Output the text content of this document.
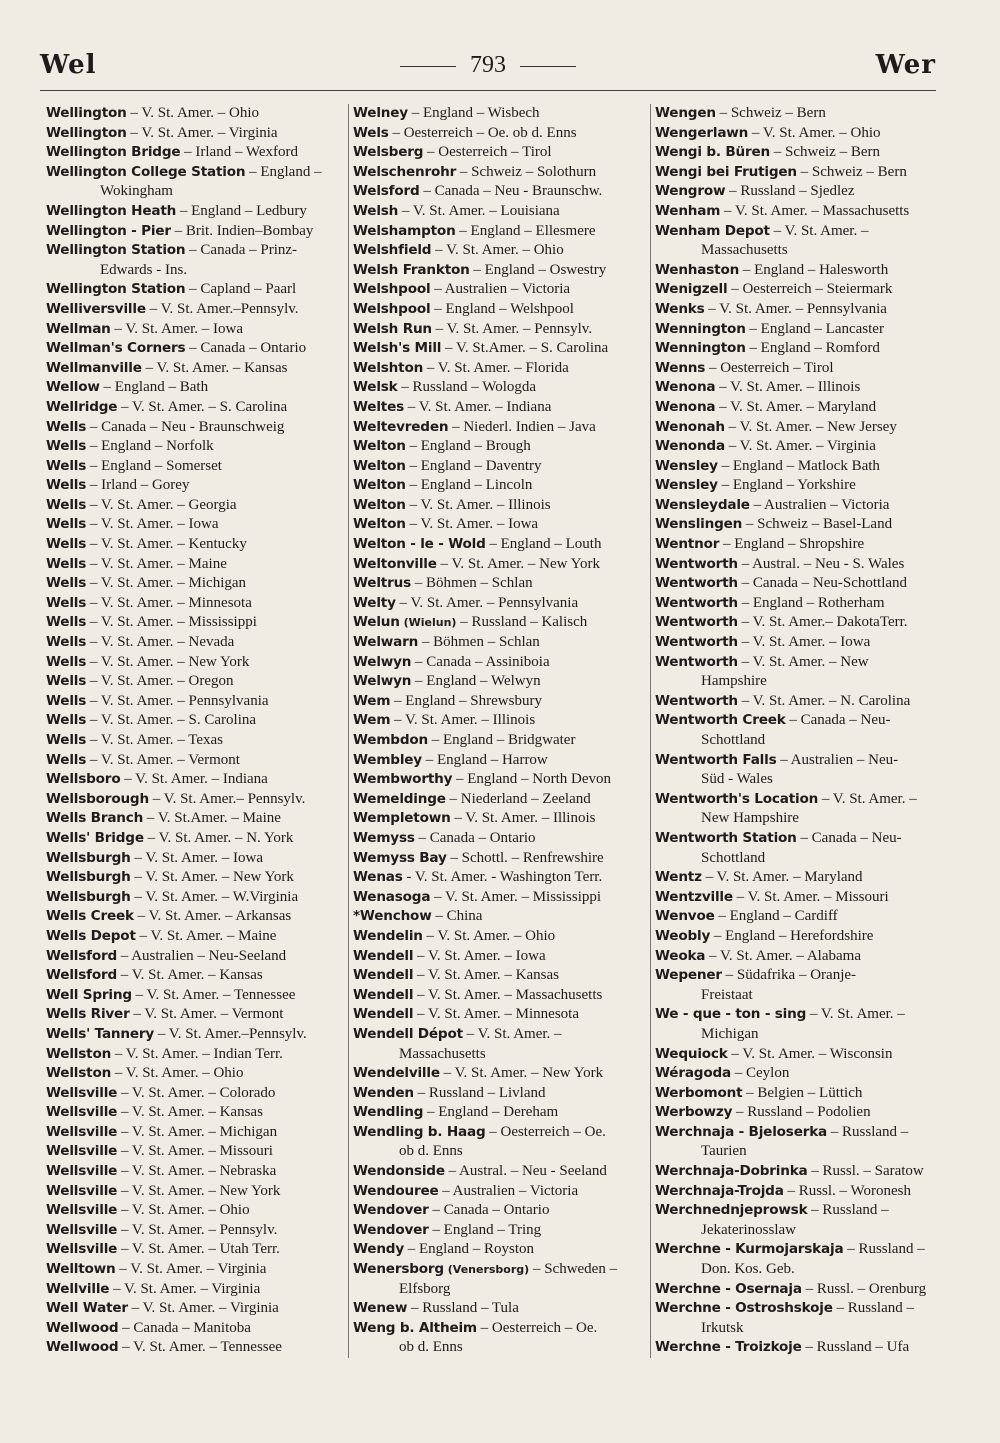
Wel	793	Wer
Wellington – V. St. Amer. – Ohio
Wellington – V. St. Amer. – Virginia
Wellington Bridge – Irland – Wexford
Wellington College Station – England –
Wokingham
Wellington Heath – England – Ledbury
Wellington - Pier – Brit. Indien–Bombay
Wellington Station – Canada – Prinz-
Edwards - Ins.
Wellington Station – Capland – Paarl
Welliversville – V. St. Amer.–Pennsylv.
Wellman – V. St. Amer. – Iowa
Wellman's Corners – Canada – Ontario
Wellmanville – V. St. Amer. – Kansas
Wellow – England – Bath
Wellridge – V. St. Amer. – S. Carolina
Wells – Canada – Neu - Braunschweig
Wells – England – Norfolk
Wells – England – Somerset
Wells – Irland – Gorey
Wells – V. St. Amer. – Georgia
Wells – V. St. Amer. – Iowa
Wells – V. St. Amer. – Kentucky
Wells – V. St. Amer. – Maine
Wells – V. St. Amer. – Michigan
Wells – V. St. Amer. – Minnesota
Wells – V. St. Amer. – Mississippi
Wells – V. St. Amer. – Nevada
Wells – V. St. Amer. – New York
Wells – V. St. Amer. – Oregon
Wells – V. St. Amer. – Pennsylvania
Wells – V. St. Amer. – S. Carolina
Wells – V. St. Amer. – Texas
Wells – V. St. Amer. – Vermont
Wellsboro – V. St. Amer. – Indiana
Wellsborough – V. St. Amer.– Pennsylv.
Wells Branch – V. St.Amer. – Maine
Wells' Bridge – V. St. Amer. – N. York
Wellsburgh – V. St. Amer. – Iowa
Wellsburgh – V. St. Amer. – New York
Wellsburgh – V. St. Amer. – W.Virginia
Wells Creek – V. St. Amer. – Arkansas
Wells Depot – V. St. Amer. – Maine
Wellsford – Australien – Neu-Seeland
Wellsford – V. St. Amer. – Kansas
Well Spring – V. St. Amer. – Tennessee
Wells River – V. St. Amer. – Vermont
Wells' Tannery – V. St. Amer.–Pennsylv.
Wellston – V. St. Amer. – Indian Terr.
Wellston – V. St. Amer. – Ohio
Wellsville – V. St. Amer. – Colorado
Wellsville – V. St. Amer. – Kansas
Wellsville – V. St. Amer. – Michigan
Wellsville – V. St. Amer. – Missouri
Wellsville – V. St. Amer. – Nebraska
Wellsville – V. St. Amer. – New York
Wellsville – V. St. Amer. – Ohio
Wellsville – V. St. Amer. – Pennsylv.
Wellsville – V. St. Amer. – Utah Terr.
Welltown – V. St. Amer. – Virginia
Wellville – V. St. Amer. – Virginia
Well Water – V. St. Amer. – Virginia
Wellwood – Canada – Manitoba
Wellwood – V. St. Amer. – Tennessee
Welney – England – Wisbech
Wels – Oesterreich – Oe. ob d. Enns
Welsberg – Oesterreich – Tirol
Welschenrohr – Schweiz – Solothurn
Welsford – Canada – Neu - Braunschw.
Welsh – V. St. Amer. – Louisiana
Welshampton – England – Ellesmere
Welshfield – V. St. Amer. – Ohio
Welsh Frankton – England – Oswestry
Welshpool – Australien – Victoria
Welshpool – England – Welshpool
Welsh Run – V. St. Amer. – Pennsylv.
Welsh's Mill – V. St.Amer. – S. Carolina
Welshton – V. St. Amer. – Florida
Welsk – Russland – Wologda
Weltes – V. St. Amer. – Indiana
Weltevreden – Niederl. Indien – Java
Welton – England – Brough
Welton – England – Daventry
Welton – England – Lincoln
Welton – V. St. Amer. – Illinois
Welton – V. St. Amer. – Iowa
Welton - le - Wold – England – Louth
Weltonville – V. St. Amer. – New York
Weltrus – Böhmen – Schlan
Welty – V. St. Amer. – Pennsylvania
Welun (Wielun) – Russland – Kalisch
Welwarn – Böhmen – Schlan
Welwyn – Canada – Assiniboia
Welwyn – England – Welwyn
Wem – England – Shrewsbury
Wem – V. St. Amer. – Illinois
Wembdon – England – Bridgwater
Wembley – England – Harrow
Wembworthy – England – North Devon
Wemeldinge – Niederland – Zeeland
Wempletown – V. St. Amer. – Illinois
Wemyss – Canada – Ontario
Wemyss Bay – Schottl. – Renfrewshire
Wenas - V. St. Amer. - Washington Terr.
Wenasoga – V. St. Amer. – Mississippi
*Wenchow – China
Wendelin – V. St. Amer. – Ohio
Wendell – V. St. Amer. – Iowa
Wendell – V. St. Amer. – Kansas
Wendell – V. St. Amer. – Massachusetts
Wendell – V. St. Amer. – Minnesota
Wendell Dépot – V. St. Amer. –
Massachusetts
Wendelville – V. St. Amer. – New York
Wenden – Russland – Livland
Wendling – England – Dereham
Wendling b. Haag – Oesterreich – Oe.
ob d. Enns
Wendonside – Austral. – Neu - Seeland
Wendouree – Australien – Victoria
Wendover – Canada – Ontario
Wendover – England – Tring
Wendy – England – Royston
Wenersborg (Venersborg) – Schweden –
Elfsborg
Wenew – Russland – Tula
Weng b. Altheim – Oesterreich – Oe.
ob d. Enns
Wengen – Schweiz – Bern
Wengerlawn – V. St. Amer. – Ohio
Wengi b. Büren – Schweiz – Bern
Wengi bei Frutigen – Schweiz – Bern
Wengrow – Russland – Sjedlez
Wenham – V. St. Amer. – Massachusetts
Wenham Depot – V. St. Amer. –
Massachusetts
Wenhaston – England – Halesworth
Wenigzell – Oesterreich – Steiermark
Wenks – V. St. Amer. – Pennsylvania
Wennington – England – Lancaster
Wennington – England – Romford
Wenns – Oesterreich – Tirol
Wenona – V. St. Amer. – Illinois
Wenona – V. St. Amer. – Maryland
Wenonah – V. St. Amer. – New Jersey
Wenonda – V. St. Amer. – Virginia
Wensley – England – Matlock Bath
Wensley – England – Yorkshire
Wensleydale – Australien – Victoria
Wenslingen – Schweiz – Basel-Land
Wentnor – England – Shropshire
Wentworth – Austral. – Neu - S. Wales
Wentworth – Canada – Neu-Schottland
Wentworth – England – Rotherham
Wentworth – V. St. Amer.– DakotaTerr.
Wentworth – V. St. Amer. – Iowa
Wentworth – V. St. Amer. – New
Hampshire
Wentworth – V. St. Amer. – N. Carolina
Wentworth Creek – Canada – Neu-
Schottland
Wentworth Falls – Australien – Neu-
Süd - Wales
Wentworth's Location – V. St. Amer. –
New Hampshire
Wentworth Station – Canada – Neu-
Schottland
Wentz – V. St. Amer. – Maryland
Wentzville – V. St. Amer. – Missouri
Wenvoe – England – Cardiff
Weobly – England – Herefordshire
Weoka – V. St. Amer. – Alabama
Wepener – Südafrika – Oranje-
Freistaat
We - que - ton - sing – V. St. Amer. –
Michigan
Wequiock – V. St. Amer. – Wisconsin
Wéragoda – Ceylon
Werbomont – Belgien – Lüttich
Werbowzy – Russland – Podolien
Werchnaja - Bjeloserka – Russland –
Taurien
Werchnaja-Dobrinka – Russl. – Saratow
Werchnaja-Trojda – Russl. – Woronesh
Werchnednjeprowsk – Russland –
Jekaterinosslaw
Werchne - Kurmojarskaja – Russland –
Don. Kos. Geb.
Werchne - Osernaja – Russl. – Orenburg
Werchne - Ostroshskoje – Russland –
Irkutsk
Werchne - Troizkoje – Russland – Ufa
